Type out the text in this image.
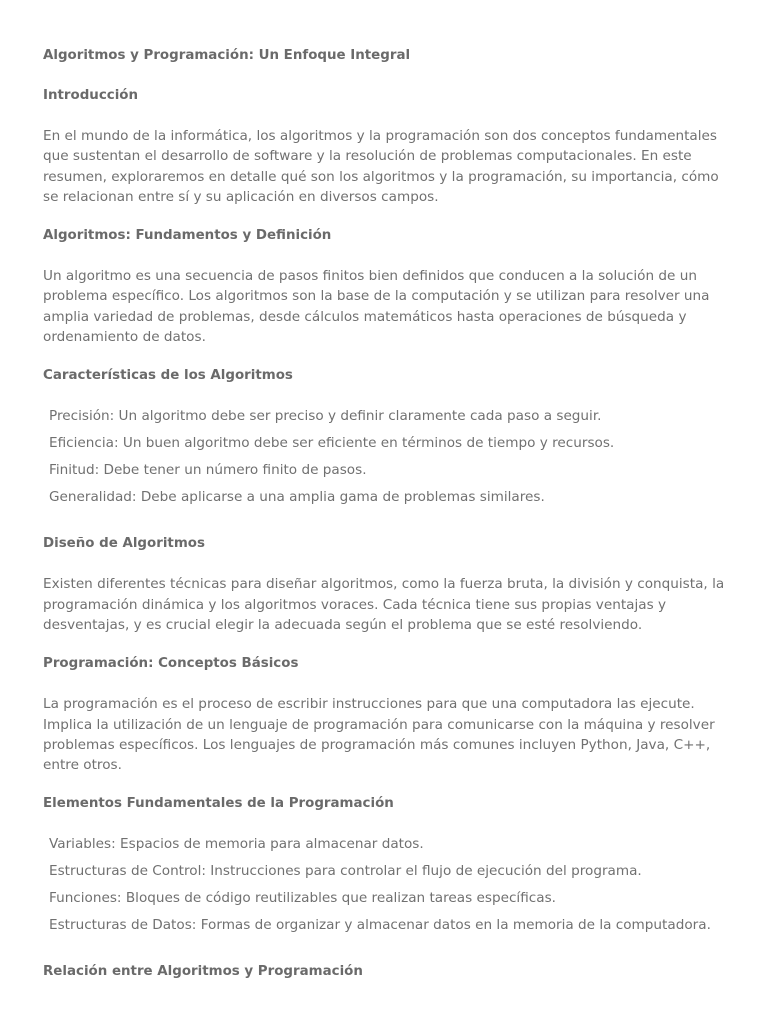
Algoritmos y Programación: Un Enfoque Integral
Introducción

En el mundo de la informática, los algoritmos y la programación son dos conceptos fundamentales que sustentan el desarrollo de software y la resolución de problemas computacionales. En este resumen, exploraremos en detalle qué son los algoritmos y la programación, su importancia, cómo se relacionan entre sí y su aplicación en diversos campos.

Algoritmos: Fundamentos y Definición

Un algoritmo es una secuencia de pasos finitos bien definidos que conducen a la solución de un problema específico. Los algoritmos son la base de la computación y se utilizan para resolver una amplia variedad de problemas, desde cálculos matemáticos hasta operaciones de búsqueda y ordenamiento de datos.

Características de los Algoritmos
Precisión: Un algoritmo debe ser preciso y definir claramente cada paso a seguir.
Eficiencia: Un buen algoritmo debe ser eficiente en términos de tiempo y recursos.
Finitud: Debe tener un número finito de pasos.
Generalidad: Debe aplicarse a una amplia gama de problemas similares.
Diseño de Algoritmos

Existen diferentes técnicas para diseñar algoritmos, como la fuerza bruta, la división y conquista, la programación dinámica y los algoritmos voraces. Cada técnica tiene sus propias ventajas y desventajas, y es crucial elegir la adecuada según el problema que se esté resolviendo.

Programación: Conceptos Básicos

La programación es el proceso de escribir instrucciones para que una computadora las ejecute. Implica la utilización de un lenguaje de programación para comunicarse con la máquina y resolver problemas específicos. Los lenguajes de programación más comunes incluyen Python, Java, C++, entre otros.

Elementos Fundamentales de la Programación
Variables: Espacios de memoria para almacenar datos.
Estructuras de Control: Instrucciones para controlar el flujo de ejecución del programa.
Funciones: Bloques de código reutilizables que realizan tareas específicas.
Estructuras de Datos: Formas de organizar y almacenar datos en la memoria de la computadora.
Relación entre Algoritmos y Programación
